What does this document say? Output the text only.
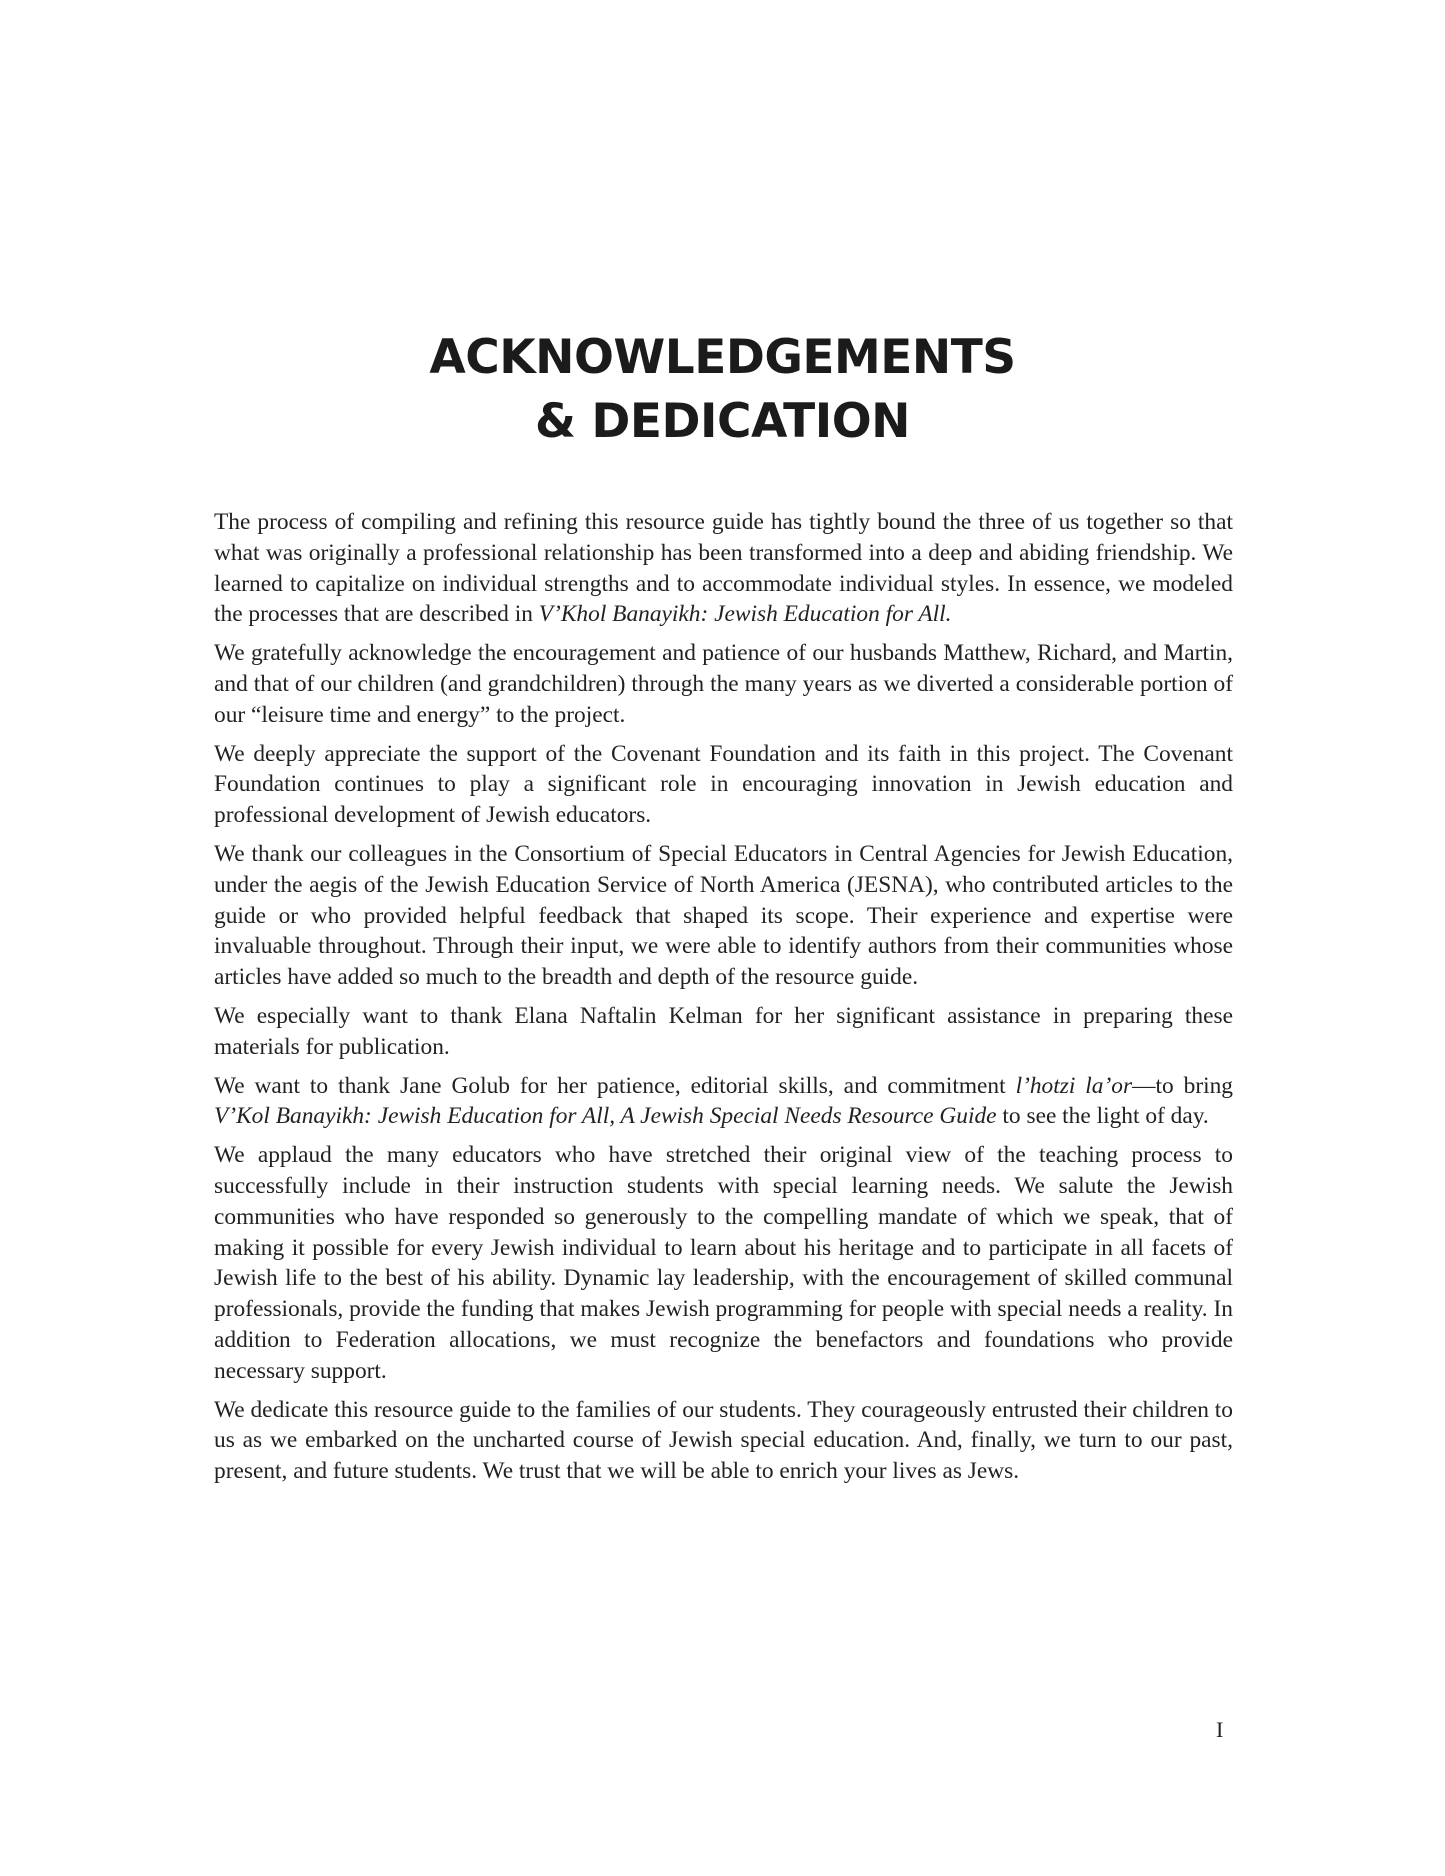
ACKNOWLEDGEMENTS
& DEDICATION

The process of compiling and refining this resource guide has tightly bound the three of us together so that what was originally a professional relationship has been transformed into a deep and abiding friendship. We learned to capitalize on individual strengths and to accommodate individual styles. In essence, we modeled the processes that are described in V’Khol Banayikh: Jewish Education for All.

We gratefully acknowledge the encouragement and patience of our husbands Matthew, Richard, and Martin, and that of our children (and grandchildren) through the many years as we diverted a considerable portion of our “leisure time and energy” to the project.

We deeply appreciate the support of the Covenant Foundation and its faith in this project. The Covenant Foundation continues to play a significant role in encouraging innovation in Jewish education and professional development of Jewish educators.

We thank our colleagues in the Consortium of Special Educators in Central Agencies for Jewish Education, under the aegis of the Jewish Education Service of North America (JESNA), who contributed articles to the guide or who provided helpful feedback that shaped its scope. Their experience and expertise were invaluable throughout. Through their input, we were able to identify authors from their communities whose articles have added so much to the breadth and depth of the resource guide.

We especially want to thank Elana Naftalin Kelman for her significant assistance in preparing these materials for publication.

We want to thank Jane Golub for her patience, editorial skills, and commitment l’hotzi la’or—to bring V’Kol Banayikh: Jewish Education for All, A Jewish Special Needs Resource Guide to see the light of day.

We applaud the many educators who have stretched their original view of the teaching process to successfully include in their instruction students with special learning needs. We salute the Jewish communities who have responded so generously to the compelling mandate of which we speak, that of making it possible for every Jewish individual to learn about his heritage and to participate in all facets of Jewish life to the best of his ability. Dynamic lay leadership, with the encouragement of skilled communal professionals, provide the funding that makes Jewish programming for people with special needs a reality. In addition to Federation allocations, we must recognize the benefactors and foundations who provide necessary support.

We dedicate this resource guide to the families of our students. They courageously entrusted their children to us as we embarked on the uncharted course of Jewish special education. And, finally, we turn to our past, present, and future students. We trust that we will be able to enrich your lives as Jews.

I
